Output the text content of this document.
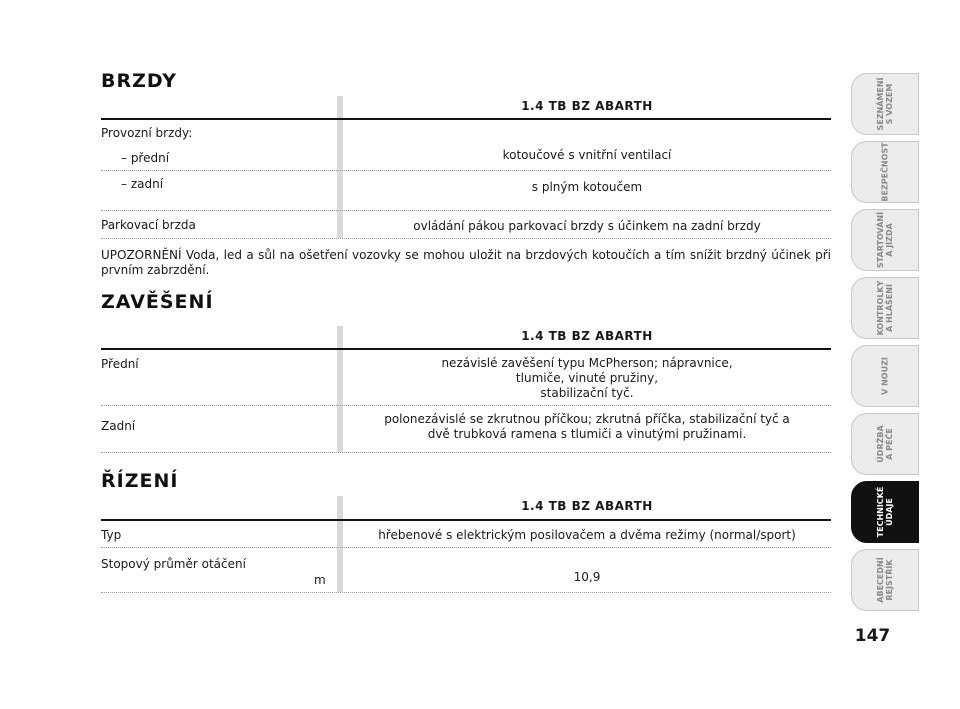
BRZDY
1.4 TB BZ ABARTH
Provozní brzdy:
– přední	kotoučové s vnitřní ventilací
– zadní	s plným kotoučem
Parkovací brzda	ovládání pákou parkovací brzdy s účinkem na zadní brzdy
UPOZORNĚNÍ Voda, led a sůl na ošetření vozovky se mohou uložit na brzdových kotoučích a tím snížit brzdný účinek při prvním zabrzdění.
ZAVĚŠENÍ
1.4 TB BZ ABARTH
Přední	nezávislé zavěšení typu McPherson; nápravnice,
tlumiče, vinuté pružiny,
stabilizační tyč.
Zadní	polonezávislé se zkrutnou příčkou; zkrutná příčka, stabilizační tyč a
dvě trubková ramena s tlumiči a vinutými pružinami.
ŘÍZENÍ
1.4 TB BZ ABARTH
Typ	hřebenové s elektrickým posilovačem a dvěma režimy (normal/sport)
Stopový průměr otáčení
m	10,9
SEZNÁMENÍ
S VOZEM
BEZPEČNOST
STARTOVÁNÍ
A JÍZDA
KONTROLKY
A HLÁŠENÍ
V NOUZI
ÚDRŽBA
A PÉČE
TECHNICKÉ
ÚDAJE
ABECEDNÍ
REJSTŘÍK
147
